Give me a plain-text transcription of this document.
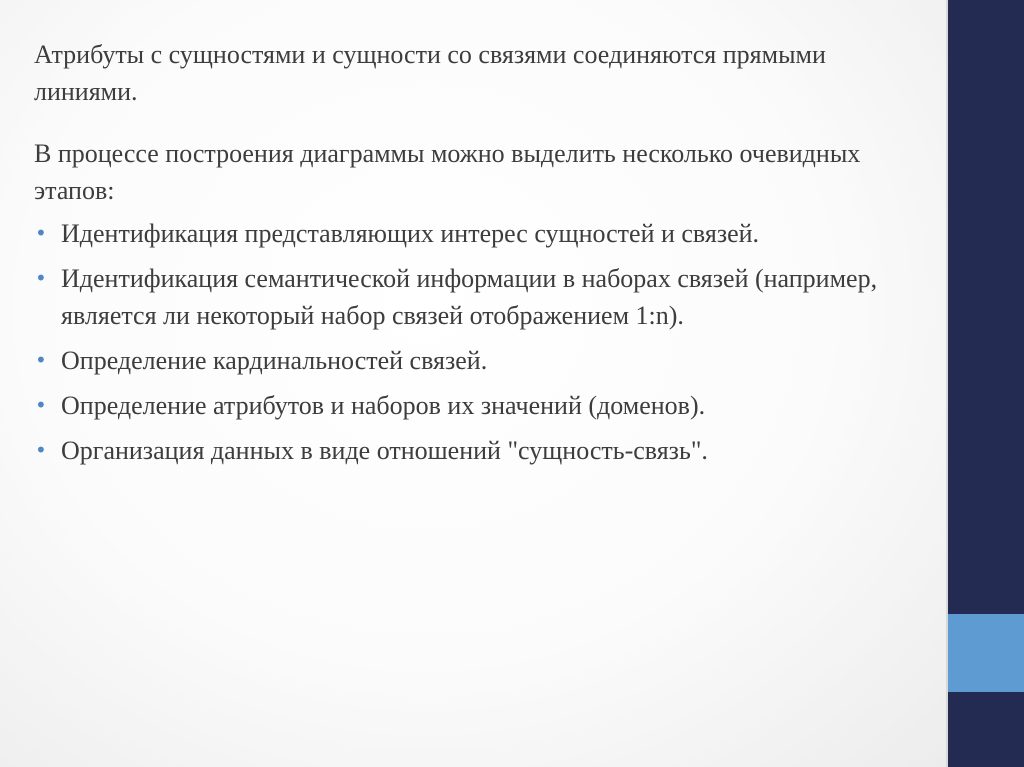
Атрибуты с сущностями и сущности со связями соединяются прямыми линиями.

В процессе построения диаграммы можно выделить несколько очевидных этапов:

• Идентификация представляющих интерес сущностей и связей.
• Идентификация семантической информации в наборах связей (например, является ли некоторый набор связей отображением 1:n).
• Определение кардинальностей связей.
• Определение атрибутов и наборов их значений (доменов).
• Организация данных в виде отношений "сущность-связь".
